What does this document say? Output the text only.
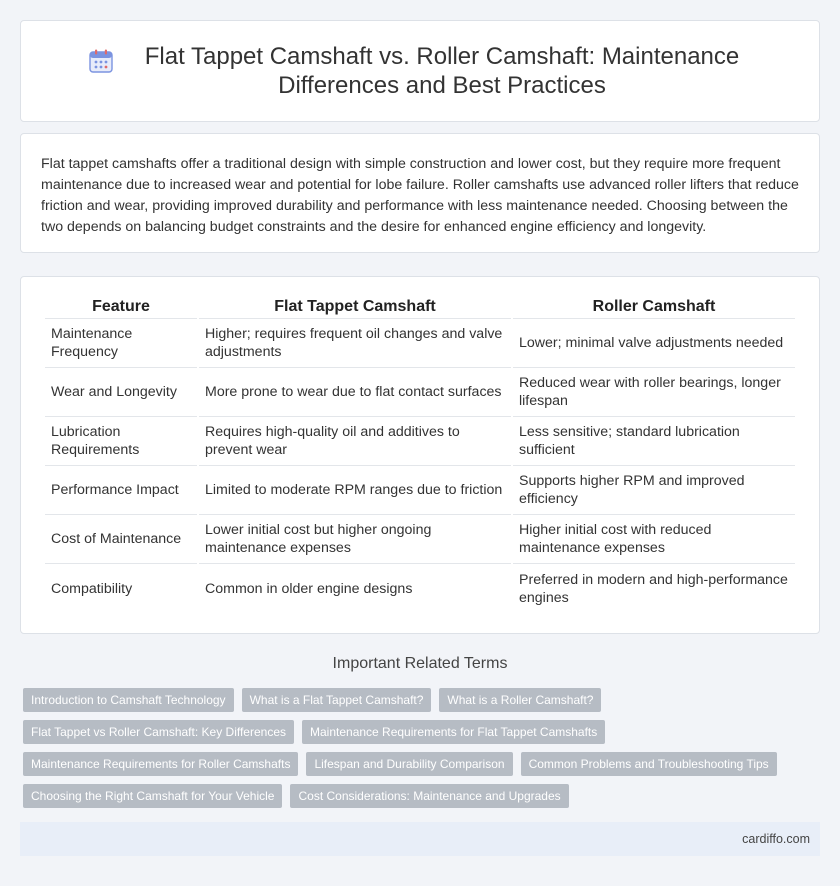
Flat Tappet Camshaft vs. Roller Camshaft: Maintenance Differences and Best Practices

Flat tappet camshafts offer a traditional design with simple construction and lower cost, but they require more frequent maintenance due to increased wear and potential for lobe failure. Roller camshafts use advanced roller lifters that reduce friction and wear, providing improved durability and performance with less maintenance needed. Choosing between the two depends on balancing budget constraints and the desire for enhanced engine efficiency and longevity.

Feature	Flat Tappet Camshaft	Roller Camshaft
Maintenance Frequency	Higher; requires frequent oil changes and valve adjustments	Lower; minimal valve adjustments needed
Wear and Longevity	More prone to wear due to flat contact surfaces	Reduced wear with roller bearings, longer lifespan
Lubrication Requirements	Requires high-quality oil and additives to prevent wear	Less sensitive; standard lubrication sufficient
Performance Impact	Limited to moderate RPM ranges due to friction	Supports higher RPM and improved efficiency
Cost of Maintenance	Lower initial cost but higher ongoing maintenance expenses	Higher initial cost with reduced maintenance expenses
Compatibility	Common in older engine designs	Preferred in modern and high-performance engines
Important Related Terms
Introduction to Camshaft Technology	What is a Flat Tappet Camshaft?	What is a Roller Camshaft?
Flat Tappet vs Roller Camshaft: Key Differences	Maintenance Requirements for Flat Tappet Camshafts
Maintenance Requirements for Roller Camshafts	Lifespan and Durability Comparison	Common Problems and Troubleshooting Tips
Choosing the Right Camshaft for Your Vehicle	Cost Considerations: Maintenance and Upgrades
cardiffo.com
